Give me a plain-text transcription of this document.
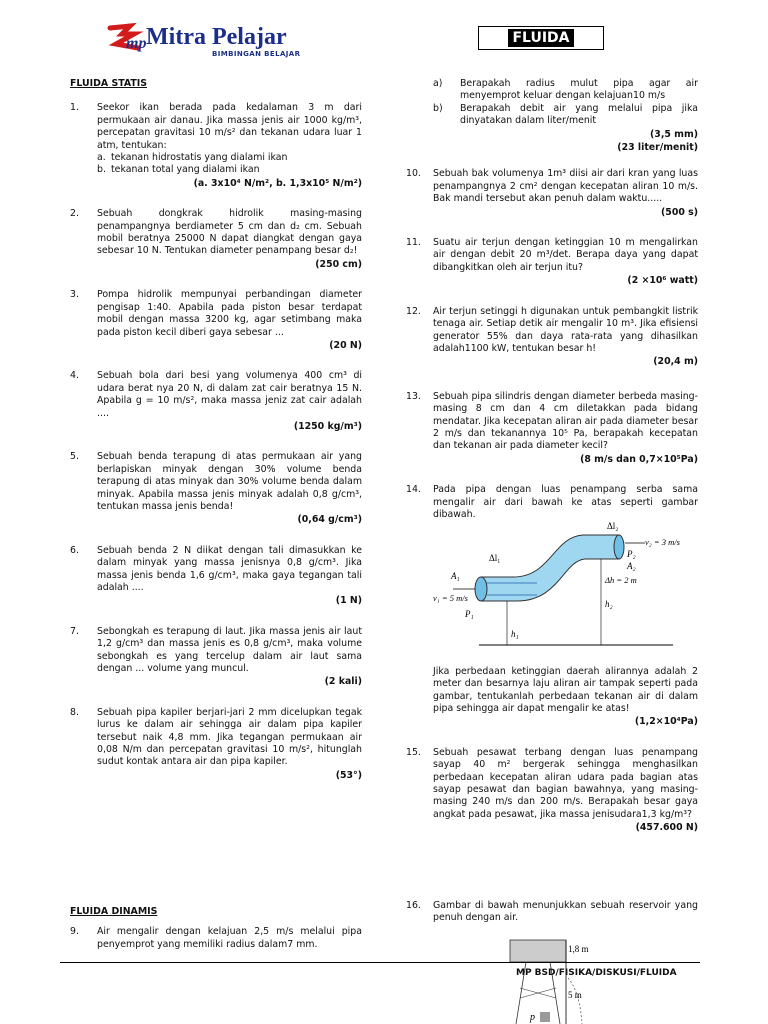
mp Mitra Pelajar
BIMBINGAN BELAJAR
FLUIDA
FLUIDA STATIS
1.	Seekor ikan berada pada kedalaman 3 m dari permukaan air danau. Jika massa jenis air 1000 kg/m³, percepatan gravitasi 10 m/s² dan tekanan udara luar 1 atm, tentukan:
a. tekanan hidrostatis yang dialami ikan
b. tekanan total yang dialami ikan
(a. 3x10⁴ N/m², b. 1,3x10⁵ N/m²)
2.	Sebuah dongkrak hidrolik masing-masing penampangnya berdiameter 5 cm dan d₂ cm. Sebuah mobil beratnya 25000 N dapat diangkat dengan gaya sebesar 10 N. Tentukan diameter penampang besar d₂!
(250 cm)
3.	Pompa hidrolik mempunyai perbandingan diameter pengisap 1:40. Apabila pada piston besar terdapat mobil dengan massa 3200 kg, agar setimbang maka pada piston kecil diberi gaya sebesar ...
(20 N)
4.	Sebuah bola dari besi yang volumenya 400 cm³ di udara berat nya 20 N, di dalam zat cair beratnya 15 N. Apabila g = 10 m/s², maka massa jeniz zat cair adalah ....
(1250 kg/m³)
5.	Sebuah benda terapung di atas permukaan air yang berlapiskan minyak dengan 30% volume benda terapung di atas minyak dan 30% volume benda dalam minyak. Apabila massa jenis minyak adalah 0,8 g/cm³, tentukan massa jenis benda!
(0,64 g/cm³)
6.	Sebuah benda 2 N diikat dengan tali dimasukkan ke dalam minyak yang massa jenisnya 0,8 g/cm³. Jika massa jenis benda 1,6 g/cm³, maka gaya tegangan tali adalah ....
(1 N)
7.	Sebongkah es terapung di laut. Jika massa jenis air laut 1,2 g/cm³ dan massa jenis es 0,8 g/cm³, maka volume sebongkah es yang tercelup dalam air laut sama dengan ... volume yang muncul.
(2 kali)
8.	Sebuah pipa kapiler berjari-jari 2 mm dicelupkan tegak lurus ke dalam air sehingga air dalam pipa kapiler tersebut naik 4,8 mm. Jika tegangan permukaan air 0,08 N/m dan percepatan gravitasi 10 m/s², hitunglah sudut kontak antara air dan pipa kapiler.
(53°)
FLUIDA DINAMIS
9.	Air mengalir dengan kelajuan 2,5 m/s melalui pipa penyemprot yang memiliki radius dalam7 mm.
a)	Berapakah radius mulut pipa agar air menyemprot keluar dengan kelajuan10 m/s
b)	Berapakah debit air yang melalui pipa jika dinyatakan dalam liter/menit
(3,5 mm)
(23 liter/menit)
10.	Sebuah bak volumenya 1m³ diisi air dari kran yang luas penampangnya 2 cm² dengan kecepatan aliran 10 m/s. Bak mandi tersebut akan penuh dalam waktu.....
(500 s)
11.	Suatu air terjun dengan ketinggian 10 m mengalirkan air dengan debit 20 m³/det. Berapa daya yang dapat dibangkitkan oleh air terjun itu?
(2 ×10⁶ watt)
12.	Air terjun setinggi h digunakan untuk pembangkit listrik tenaga air. Setiap detik air mengalir 10 m³. Jika efisiensi generator 55% dan daya rata-rata yang dihasilkan adalah1100 kW, tentukan besar h!
(20,4 m)
13.	Sebuah pipa silindris dengan diameter berbeda masing-masing 8 cm dan 4 cm diletakkan pada bidang mendatar. Jika kecepatan aliran air pada diameter besar 2 m/s dan tekanannya 10⁵ Pa, berapakah kecepatan dan tekanan air pada diameter kecil?
(8 m/s dan 0,7×10⁵Pa)
14.	Pada pipa dengan luas penampang serba sama mengalir air dari bawah ke atas seperti gambar dibawah.
Δl₂
v₂ = 3 m/s
P₂
A₂
Δl₁
A₁	Δh = 2 m
v₁ = 5 m/s
h₂
P₁
h₁
Jika perbedaan ketinggian daerah alirannya adalah 2 meter dan besarnya laju aliran air tampak seperti pada gambar, tentukanlah perbedaan tekanan air di dalam pipa sehingga air dapat mengalir ke atas!
(1,2×10⁴Pa)
15.	Sebuah pesawat terbang dengan luas penampang sayap 40 m² bergerak sehingga menghasilkan perbedaan kecepatan aliran udara pada bagian atas sayap pesawat dan bagian bawahnya, yang masing-masing 240 m/s dan 200 m/s. Berapakah besar gaya angkat pada pesawat, jika massa jenisudara1,3 kg/m³?
(457.600 N)
16.	Gambar di bawah menunjukkan sebuah reservoir yang penuh dengan air.
1,8 m
5 m
p
MP BSD/FISIKA/DISKUSI/FLUIDA
